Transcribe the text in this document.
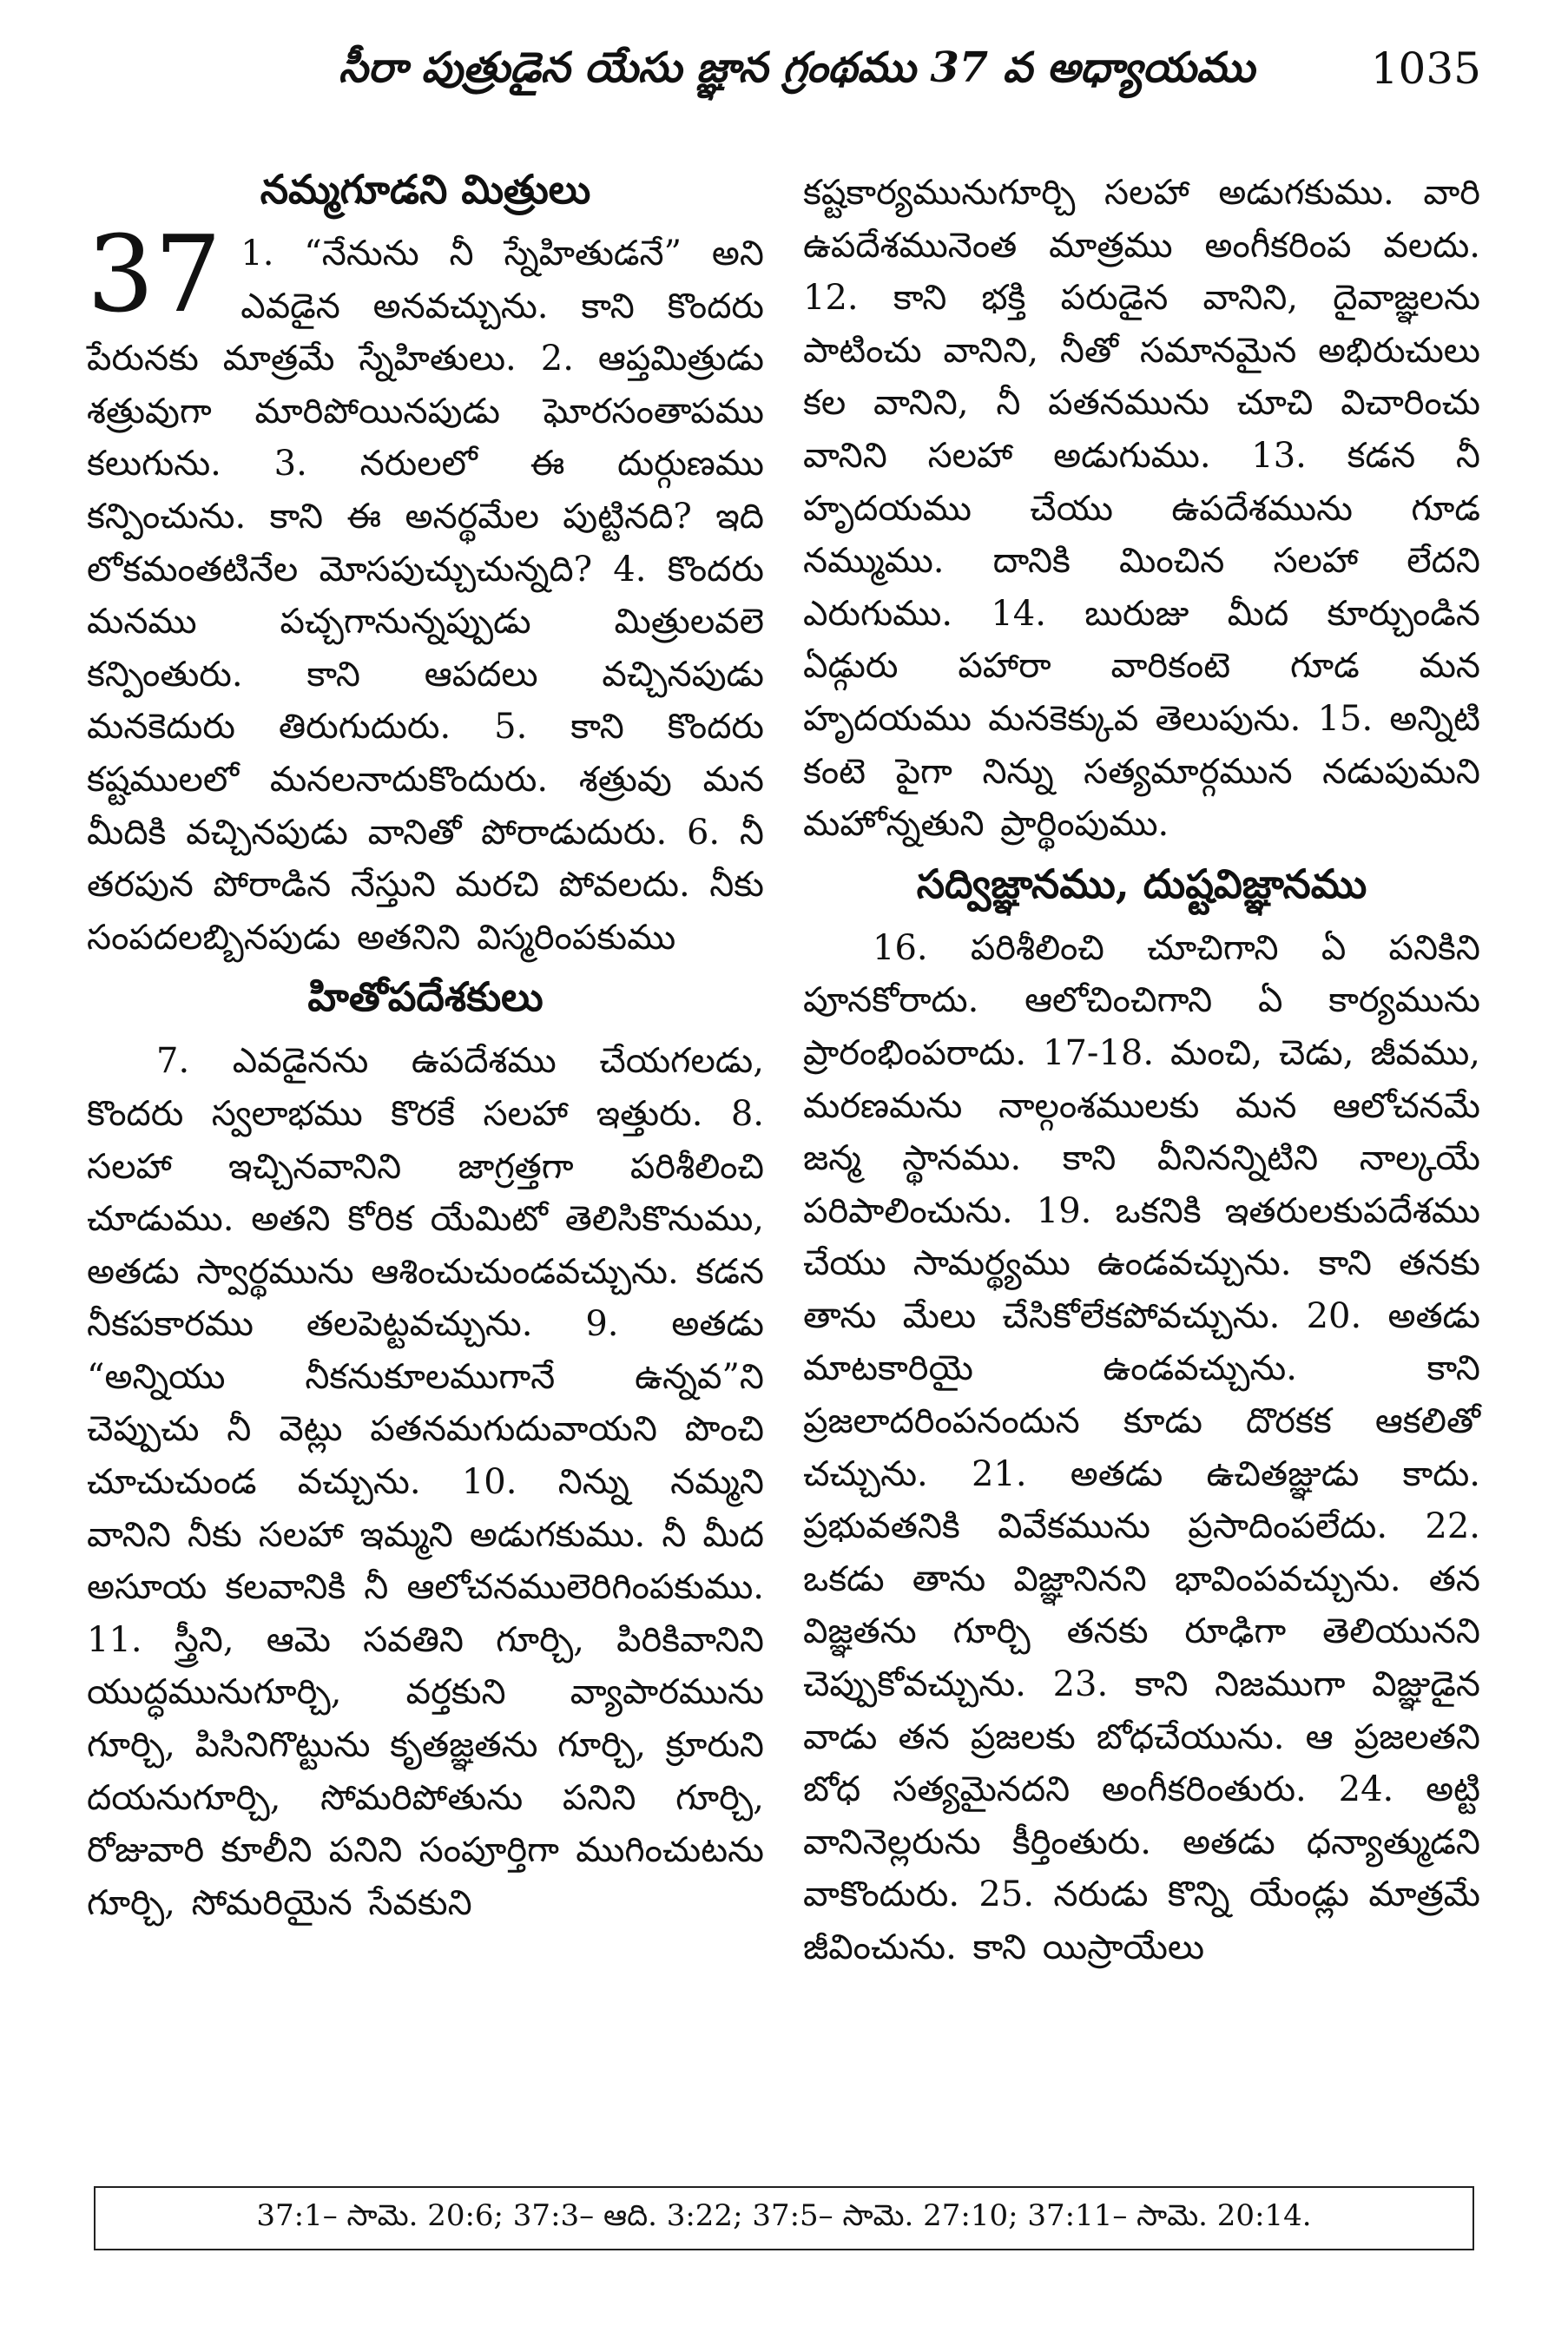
సీరా పుత్రుడైన యేసు జ్ఞాన గ్రంథము 37 వ అధ్యాయము	1035
నమ్మగూడని మిత్రులు

37 1. “నేనును నీ స్నేహితుడనే” అని ఎవడైన అనవచ్చును. కాని కొందరు పేరునకు మాత్రమే స్నేహితులు. 2. ఆప్తమిత్రుడు శత్రువుగా మారిపోయినపుడు ఘోరసంతాపము కలుగును. 3. నరులలో ఈ దుర్గుణము కన్పించును. కాని ఈ అనర్థమేల పుట్టినది? ఇది లోకమంతటినేల మోసపుచ్చుచున్నది? 4. కొందరు మనము పచ్చగానున్నప్పుడు మిత్రులవలె కన్పింతురు. కాని ఆపదలు వచ్చినపుడు మనకెదురు తిరుగుదురు. 5. కాని కొందరు కష్టములలో మనలనాదుకొందురు. శత్రువు మన మీదికి వచ్చినపుడు వానితో పోరాడుదురు. 6. నీ తరపున పోరాడిన నేస్తుని మరచి పోవలదు. నీకు సంపదలబ్బినపుడు అతనిని విస్మరింపకుము

హితోపదేశకులు

7. ఎవడైనను ఉపదేశము చేయగలడు, కొందరు స్వలాభము కొరకే సలహా ఇత్తురు. 8. సలహా ఇచ్చినవానిని జాగ్రత్తగా పరిశీలించి చూడుము. అతని కోరిక యేమిటో తెలిసికొనుము, అతడు స్వార్థమును ఆశించుచుండవచ్చును. కడన నీకపకారము తలపెట్టవచ్చును. 9. అతడు “అన్నియు నీకనుకూలముగానే ఉన్నవ”ని చెప్పుచు నీ వెట్లు పతనమగుదువాయని పొంచి చూచుచుండ వచ్చును. 10. నిన్ను నమ్మని వానిని నీకు సలహా ఇమ్మని అడుగకుము. నీ మీద అసూయ కలవానికి నీ ఆలోచనములెరిగింపకుము. 11. స్త్రీని, ఆమె సవతిని గూర్చి, పిరికివానిని యుద్ధమునుగూర్చి, వర్తకుని వ్యాపారమును గూర్చి, పిసినిగొట్టును కృతజ్ఞతను గూర్చి, క్రూరుని దయనుగూర్చి, సోమరిపోతును పనిని గూర్చి, రోజువారి కూలీని పనిని సంపూర్తిగా ముగించుటను గూర్చి, సోమరియైన సేవకుని

కష్టకార్యమునుగూర్చి సలహా అడుగకుము. వారి ఉపదేశమునెంత మాత్రము అంగీకరింప వలదు. 12. కాని భక్తి పరుడైన వానిని, దైవాజ్ఞలను పాటించు వానిని, నీతో సమానమైన అభిరుచులు కల వానిని, నీ పతనమును చూచి విచారించు వానిని సలహా అడుగుము. 13. కడన నీ హృదయము చేయు ఉపదేశమును గూడ నమ్ముము. దానికి మించిన సలహా లేదని ఎరుగుము. 14. బురుజు మీద కూర్చుండిన ఏడ్గురు పహారా వారికంటె గూడ మన హృదయము మనకెక్కువ తెలుపును. 15. అన్నిటి కంటె పైగా నిన్ను సత్యమార్గమున నడుపుమని మహోన్నతుని ప్రార్థింపుము.

సద్విజ్ఞానము, దుష్టవిజ్ఞానము

16. పరిశీలించి చూచిగాని ఏ పనికిని పూనకోరాదు. ఆలోచించిగాని ఏ కార్యమును ప్రారంభింపరాదు. 17-18. మంచి, చెడు, జీవము, మరణమను నాల్గంశములకు మన ఆలోచనమే జన్మ స్థానము. కాని వీనినన్నిటిని నాల్కయే పరిపాలించును. 19. ఒకనికి ఇతరులకుపదేశము చేయు సామర్థ్యము ఉండవచ్చును. కాని తనకు తాను మేలు చేసికోలేకపోవచ్చును. 20. అతడు మాటకారియై ఉండవచ్చును. కాని ప్రజలాదరింపనందున కూడు దొరకక ఆకలితో చచ్చును. 21. అతడు ఉచితజ్ఞుడు కాదు. ప్రభువతనికి వివేకమును ప్రసాదింపలేదు. 22. ఒకడు తాను విజ్ఞానినని భావింపవచ్చును. తన విజ్ఞతను గూర్చి తనకు రూఢిగా తెలియునని చెప్పుకోవచ్చును. 23. కాని నిజముగా విజ్ఞుడైన వాడు తన ప్రజలకు బోధచేయును. ఆ ప్రజలతని బోధ సత్యమైనదని అంగీకరింతురు. 24. అట్టి వానినెల్లరును కీర్తింతురు. అతడు ధన్యాత్ముడని వాకొందురు. 25. నరుడు కొన్ని యేండ్లు మాత్రమే జీవించును. కాని యిస్రాయేలు

37:1– సామె. 20:6; 37:3– ఆది. 3:22; 37:5– సామె. 27:10; 37:11– సామె. 20:14.
